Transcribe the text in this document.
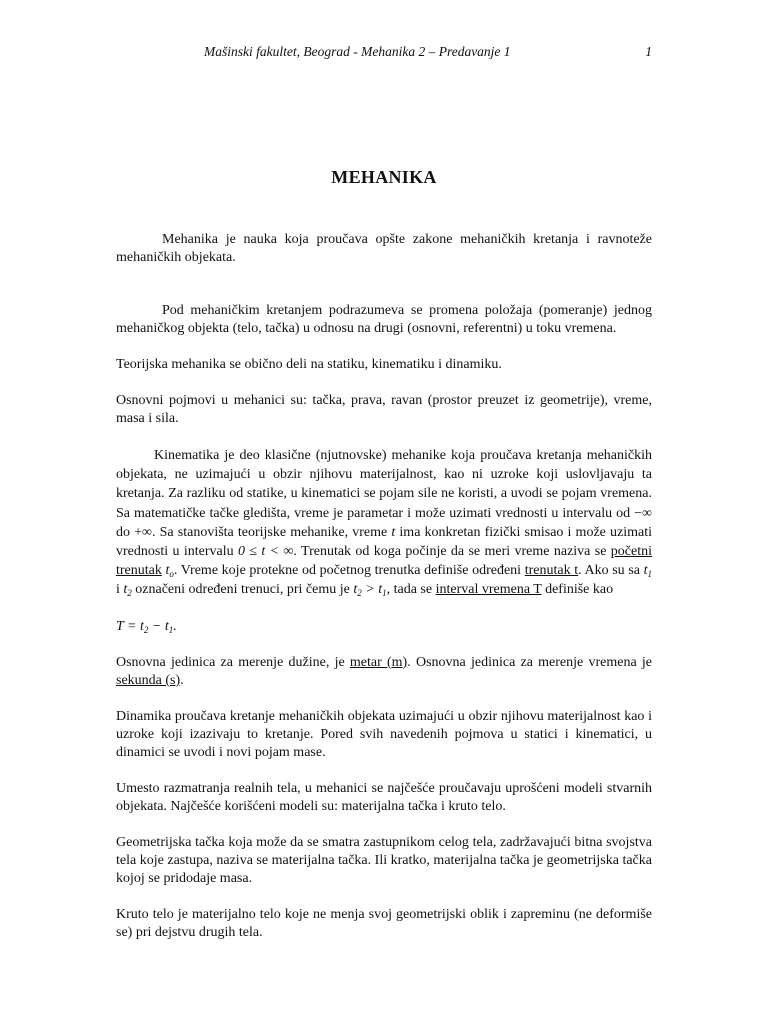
Mašinski fakultet, Beograd - Mehanika 2 – Predavanje 1	1
MEHANIKA

Mehanika je nauka koja proučava opšte zakone mehaničkih kretanja i ravnoteže mehaničkih objekata.

Pod mehaničkim kretanjem podrazumeva se promena položaja (pomeranje) jednog mehaničkog objekta (telo, tačka) u odnosu na drugi (osnovni, referentni) u toku vremena.

Teorijska mehanika se obično deli na statiku, kinematiku i dinamiku.

Osnovni pojmovi u mehanici su: tačka, prava, ravan (prostor preuzet iz geometrije), vreme, masa i sila.

Kinematika je deo klasične (njutnovske) mehanike koja proučava kretanja mehaničkih objekata, ne uzimajući u obzir njihovu materijalnost, kao ni uzroke koji uslovljavaju ta kretanja. Za razliku od statike, u kinematici se pojam sile ne koristi, a uvodi se pojam vremena. Sa matematičke tačke gledišta, vreme je parametar i može uzimati vrednosti u intervalu od −∞ do +∞. Sa stanovišta teorijske mehanike, vreme t ima konkretan fizički smisao i može uzimati vrednosti u intervalu 0 ≤ t < ∞. Trenutak od koga počinje da se meri vreme naziva se početni trenutak $t_o$. Vreme koje protekne od početnog trenutka definiše određeni trenutak t. Ako su sa $t_1$ i $t_2$ označeni određeni trenuci, pri čemu je $t_2 > t_1$, tada se interval vremena T definiše kao

$T = t_2 - t_1$.

Osnovna jedinica za merenje dužine, je metar (m). Osnovna jedinica za merenje vremena je sekunda (s).

Dinamika proučava kretanje mehaničkih objekata uzimajući u obzir njihovu materijalnost kao i uzroke koji izazivaju to kretanje. Pored svih navedenih pojmova u statici i kinematici, u dinamici se uvodi i novi pojam mase.

Umesto razmatranja realnih tela, u mehanici se najčešće proučavaju uprošćeni modeli stvarnih objekata. Najčešće korišćeni modeli su: materijalna tačka i kruto telo.

Geometrijska tačka koja može da se smatra zastupnikom celog tela, zadržavajući bitna svojstva tela koje zastupa, naziva se materijalna tačka. Ili kratko, materijalna tačka je geometrijska tačka kojoj se pridodaje masa.

Kruto telo je materijalno telo koje ne menja svoj geometrijski oblik i zapreminu (ne deformiše se) pri dejstvu drugih tela.
